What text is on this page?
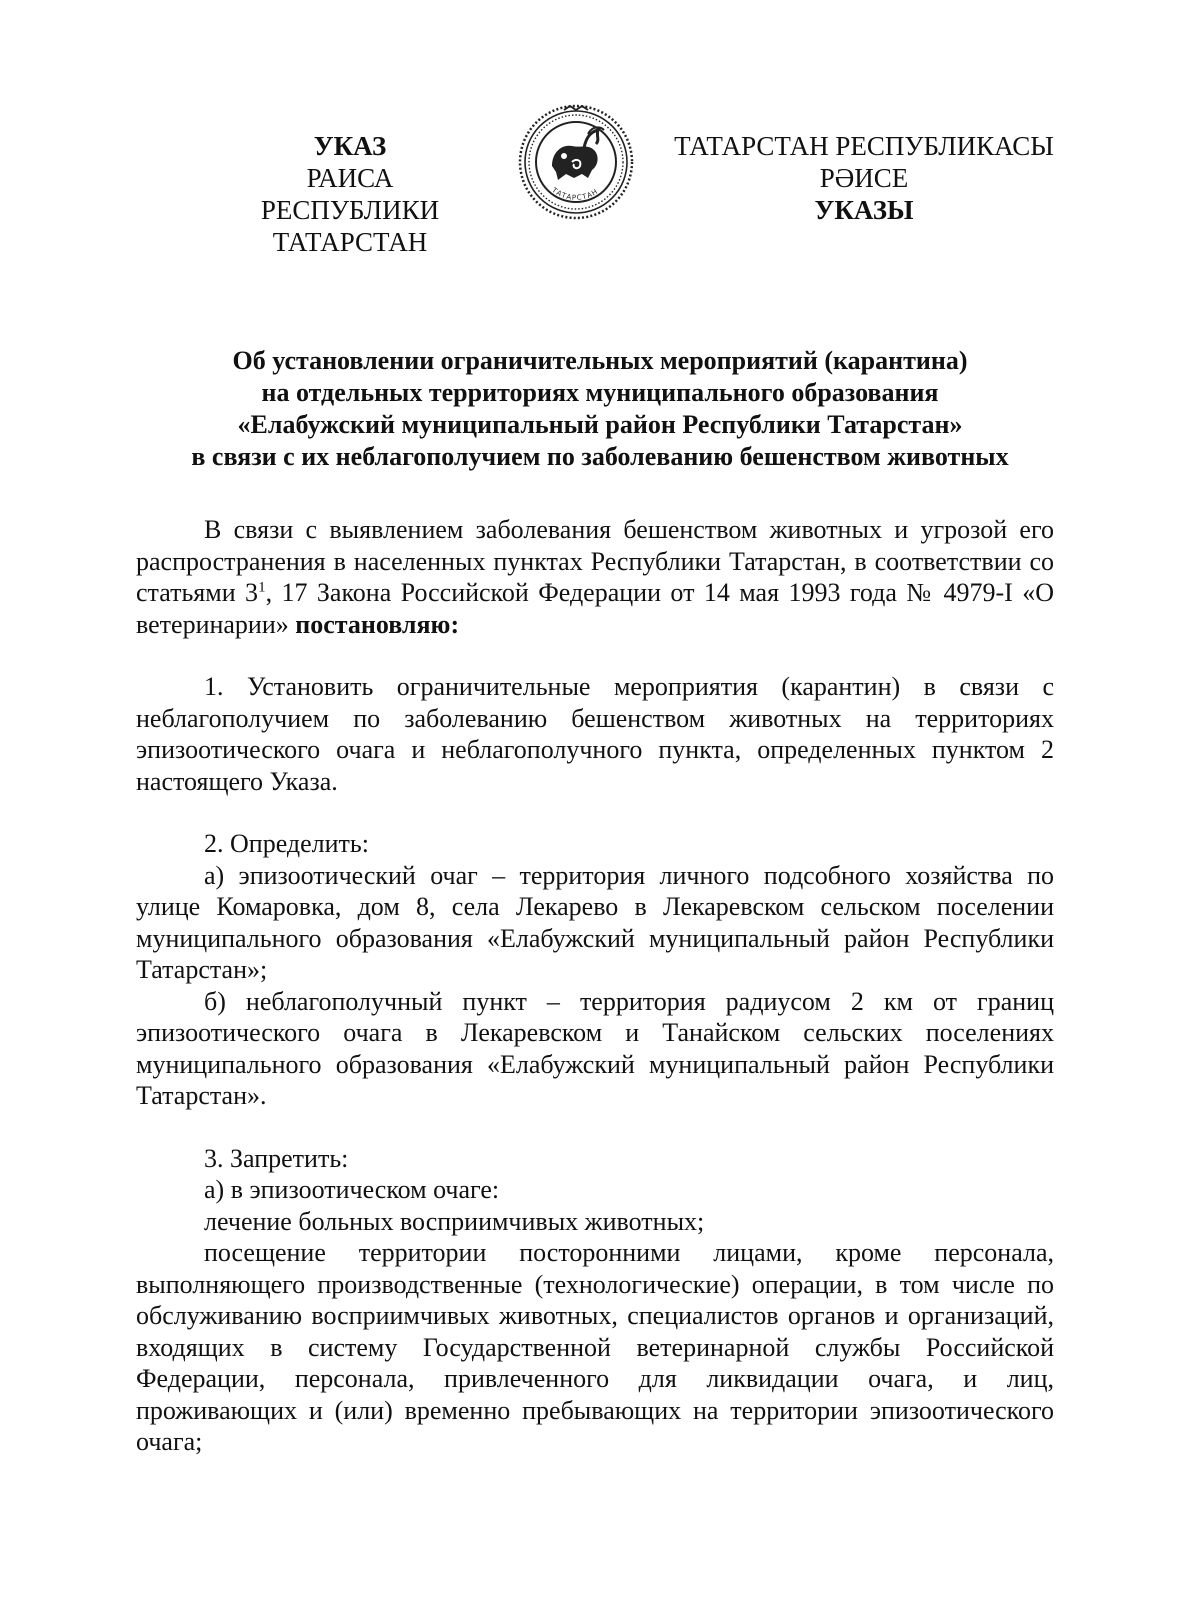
УКАЗ
РАИСА
РЕСПУБЛИКИ ТАТАРСТАН
ТАТАРСТАН РЕСПУБЛИКАСЫ
РӘИСЕ
УКАЗЫ
ТАТАРСТАН
Об установлении ограничительных мероприятий (карантина)
на отдельных территориях муниципального образования
«Елабужский муниципальный район Республики Татарстан»
в связи с их неблагополучием по заболеванию бешенством животных

В связи с выявлением заболевания бешенством животных и угрозой его распространения в населенных пунктах Республики Татарстан, в соответствии со статьями $3^1$, 17 Закона Российской Федерации от 14 мая 1993 года № 4979-I «О ветеринарии» постановляю:

1. Установить ограничительные мероприятия (карантин) в связи с неблагополучием по заболеванию бешенством животных на территориях эпизоотического очага и неблагополучного пункта, определенных пунктом 2 настоящего Указа.

2. Определить:

а) эпизоотический очаг – территория личного подсобного хозяйства по улице Комаровка, дом 8, села Лекарево в Лекаревском сельском поселении муниципального образования «Елабужский муниципальный район Республики Татарстан»;

б) неблагополучный пункт – территория радиусом 2 км от границ эпизоотического очага в Лекаревском и Танайском сельских поселениях муниципального образования «Елабужский муниципальный район Республики Татарстан».

3. Запретить:

а) в эпизоотическом очаге:

лечение больных восприимчивых животных;

посещение территории посторонними лицами, кроме персонала, выполняющего производственные (технологические) операции, в том числе по обслуживанию восприимчивых животных, специалистов органов и организаций, входящих в систему Государственной ветеринарной службы Российской Федерации, персонала, привлеченного для ликвидации очага, и лиц, проживающих и (или) временно пребывающих на территории эпизоотического очага;
